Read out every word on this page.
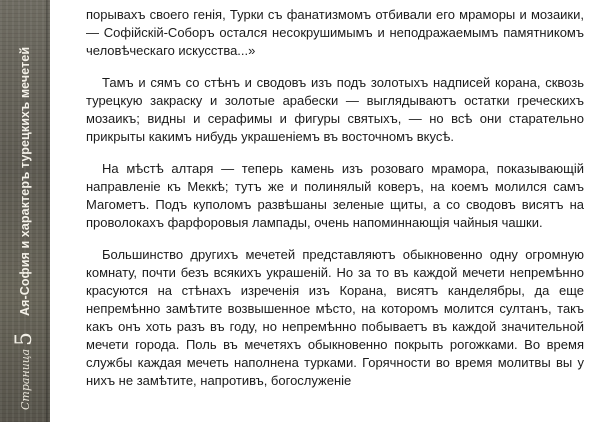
Страница
5
Ая-София и характеръ турецкихъ мечетей

порывахъ своего генія, Турки съ фанатизмомъ отбивали его мраморы и мозаики, — Софійскій-Соборъ остался несокрушимымъ и неподражаемымъ памятникомъ человѣческаго искусства...»

Тамъ и сямъ со стѣнъ и сводовъ изъ подъ золотыхъ надписей корана, сквозь турецкую закраску и золотые арабески — выглядываютъ остатки греческихъ мозаикъ; видны и серафимы и фигуры святыхъ, — но всѣ они старательно прикрыты какимъ нибудь украшеніемъ въ восточномъ вкусѣ.

На мѣстѣ алтаря — теперь камень изъ розоваго мрамора, показывающій направленіе къ Меккѣ; тутъ же и полинялый коверъ, на коемъ молился самъ Магометъ. Подъ куполомъ развѣшаны зеленые щиты, а со сводовъ висятъ на проволокахъ фарфоровыя лампады, очень напоминнающія чайныя чашки.

Большинство другихъ мечетей представляютъ обыкновенно одну огромную комнату, почти безъ всякихъ украшеній. Но за то въ каждой мечети непремѣнно красуются на стѣнахъ изреченія изъ Корана, висятъ канделябры, да еще непремѣнно замѣтите возвышенное мѣсто, на которомъ молится султанъ, такъ какъ онъ хоть разъ въ году, но непремѣнно побываетъ въ каждой значительной мечети города. Поль въ мечетяхъ обыкновенно покрыть рогожками. Во время службы каждая мечеть наполнена турками. Горячности во время молитвы вы у нихъ не замѣтите, напротивъ, богослуженіе
